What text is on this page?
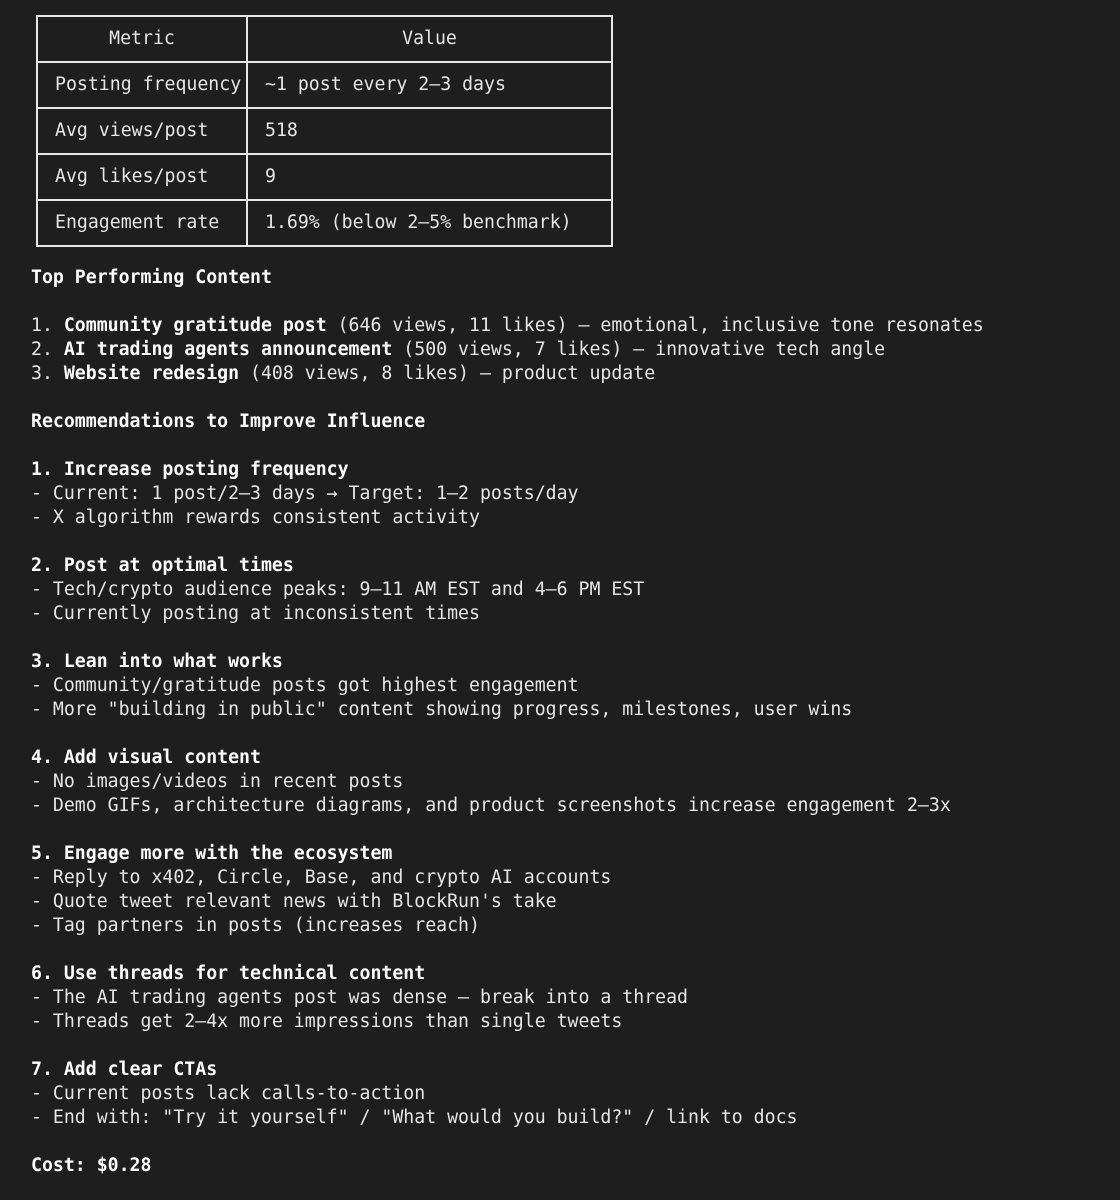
Metric	Value
Posting frequency	~1 post every 2–3 days
Avg views/post	518
Avg likes/post	9
Engagement rate	1.69% (below 2–5% benchmark)
Top Performing Content
1. Community gratitude post (646 views, 11 likes) — emotional, inclusive tone resonates
2. AI trading agents announcement (500 views, 7 likes) — innovative tech angle
3. Website redesign (408 views, 8 likes) — product update
Recommendations to Improve Influence
1. Increase posting frequency
- Current: 1 post/2–3 days → Target: 1–2 posts/day
- X algorithm rewards consistent activity
2. Post at optimal times
- Tech/crypto audience peaks: 9–11 AM EST and 4–6 PM EST
- Currently posting at inconsistent times
3. Lean into what works
- Community/gratitude posts got highest engagement
- More "building in public" content showing progress, milestones, user wins
4. Add visual content
- No images/videos in recent posts
- Demo GIFs, architecture diagrams, and product screenshots increase engagement 2–3x
5. Engage more with the ecosystem
- Reply to x402, Circle, Base, and crypto AI accounts
- Quote tweet relevant news with BlockRun's take
- Tag partners in posts (increases reach)
6. Use threads for technical content
- The AI trading agents post was dense — break into a thread
- Threads get 2–4x more impressions than single tweets
7. Add clear CTAs
- Current posts lack calls-to-action
- End with: "Try it yourself" / "What would you build?" / link to docs
Cost: $0.28
